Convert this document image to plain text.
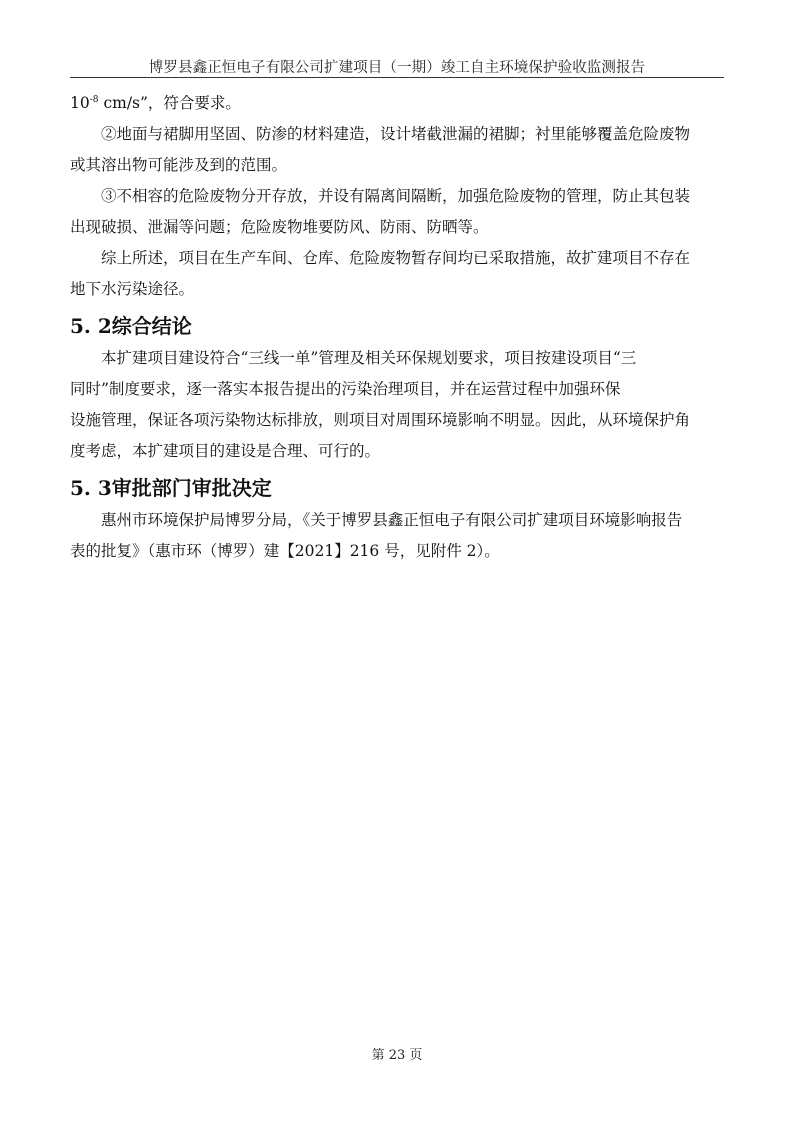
博罗县鑫正恒电子有限公司扩建项目（一期）竣工自主环境保护验收监测报告

$10^{-8}$ cm/s”，符合要求。

②地面与裙脚用坚固、防渗的材料建造，设计堵截泄漏的裙脚；衬里能够覆盖危险废物

或其溶出物可能涉及到的范围。

③不相容的危险废物分开存放，并设有隔离间隔断，加强危险废物的管理，防止其包装

出现破损、泄漏等问题；危险废物堆要防风、防雨、防晒等。

综上所述，项目在生产车间、仓库、危险废物暂存间均已采取措施，故扩建项目不存在

地下水污染途径。

5. 2综合结论

本扩建项目建设符合“三线一单”管理及相关环保规划要求，项目按建设项目“三

同时”制度要求，逐一落实本报告提出的污染治理项目，并在运营过程中加强环保

设施管理，保证各项污染物达标排放，则项目对周围环境影响不明显。因此，从环境保护角

度考虑，本扩建项目的建设是合理、可行的。

5. 3审批部门审批决定

惠州市环境保护局博罗分局，《关于博罗县鑫正恒电子有限公司扩建项目环境影响报告

表的批复》（惠市环（博罗）建【2021】216 号，见附件 2）。

第 23 页
